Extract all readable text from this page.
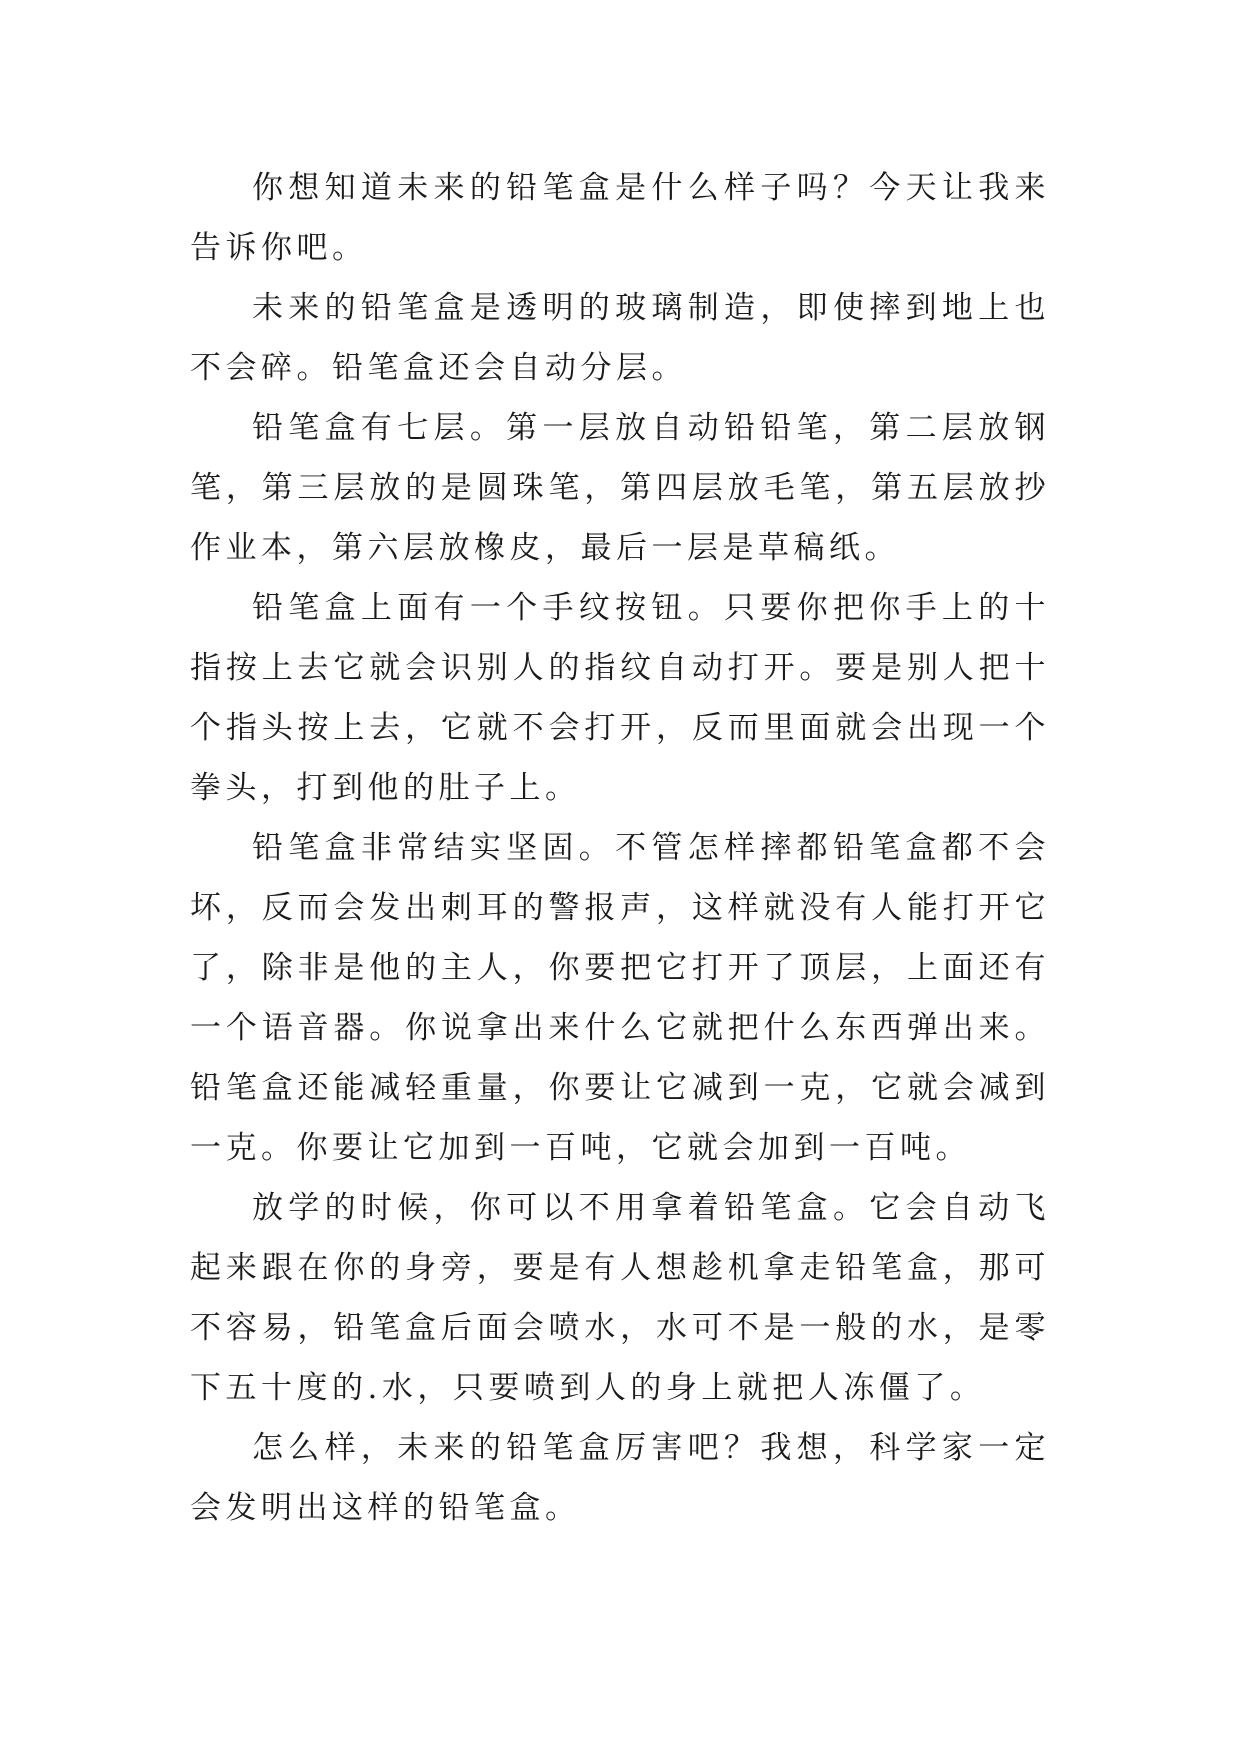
你想知道未来的铅笔盒是什么样子吗？今天让我来告诉你吧。

未来的铅笔盒是透明的玻璃制造，即使摔到地上也不会碎。铅笔盒还会自动分层。

铅笔盒有七层。第一层放自动铅铅笔，第二层放钢笔，第三层放的是圆珠笔，第四层放毛笔，第五层放抄作业本，第六层放橡皮，最后一层是草稿纸。

铅笔盒上面有一个手纹按钮。只要你把你手上的十指按上去它就会识别人的指纹自动打开。要是别人把十个指头按上去，它就不会打开，反而里面就会出现一个拳头，打到他的肚子上。

铅笔盒非常结实坚固。不管怎样摔都铅笔盒都不会坏，反而会发出刺耳的警报声，这样就没有人能打开它了，除非是他的主人，你要把它打开了顶层，上面还有一个语音器。你说拿出来什么它就把什么东西弹出来。铅笔盒还能减轻重量，你要让它减到一克，它就会减到一克。你要让它加到一百吨，它就会加到一百吨。

放学的时候，你可以不用拿着铅笔盒。它会自动飞起来跟在你的身旁，要是有人想趁机拿走铅笔盒，那可不容易，铅笔盒后面会喷水，水可不是一般的水，是零下五十度的.水，只要喷到人的身上就把人冻僵了。

怎么样，未来的铅笔盒厉害吧？我想，科学家一定会发明出这样的铅笔盒。
